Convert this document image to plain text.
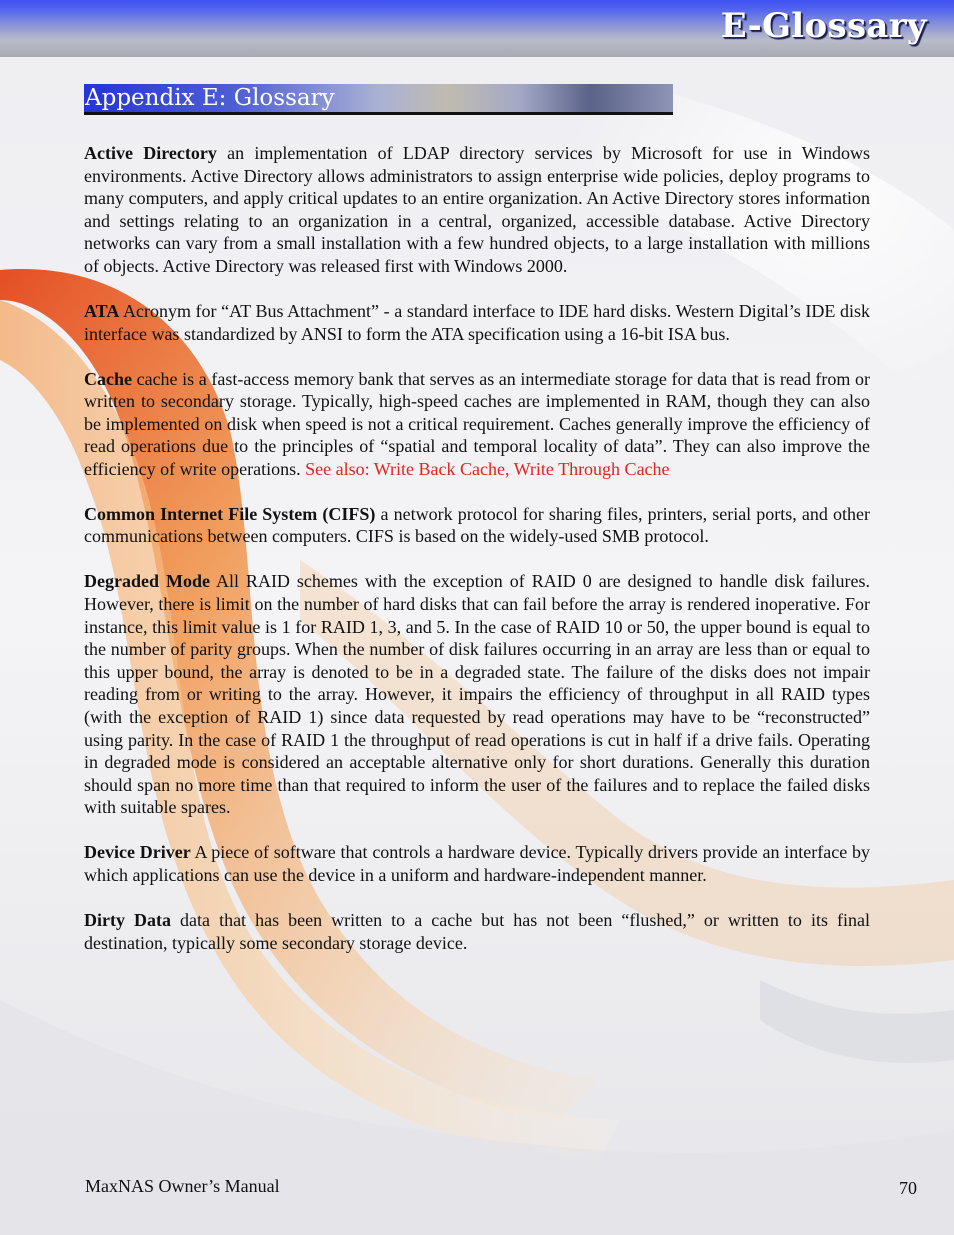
E-Glossary
Appendix E: Glossary

Active Directory an implementation of LDAP directory services by Microsoft for use in Windows environments. Active Directory allows administrators to assign enterprise wide policies, deploy programs to many computers, and apply critical updates to an entire organization. An Active Directory stores information and settings relating to an organization in a central, organized, accessible database. Active Directory networks can vary from a small installation with a few hundred objects, to a large installation with millions of objects. Active Directory was released first with Windows 2000.

ATA Acronym for “AT Bus Attachment” - a standard interface to IDE hard disks. Western Digital’s IDE disk interface was standardized by ANSI to form the ATA specification using a 16-bit ISA bus.

Cache cache is a fast-access memory bank that serves as an intermediate storage for data that is read from or written to secondary storage. Typically, high-speed caches are implemented in RAM, though they can also be implemented on disk when speed is not a critical requirement. Caches generally improve the efficiency of read operations due to the principles of “spatial and temporal locality of data”. They can also improve the efficiency of write operations. See also: Write Back Cache, Write Through Cache

Common Internet File System (CIFS) a network protocol for sharing files, printers, serial ports, and other communications between computers. CIFS is based on the widely-used SMB protocol.

Degraded Mode All RAID schemes with the exception of RAID 0 are designed to handle disk failures. However, there is limit on the number of hard disks that can fail before the array is rendered inoperative. For instance, this limit value is 1 for RAID 1, 3, and 5. In the case of RAID 10 or 50, the upper bound is equal to the number of parity groups. When the number of disk failures occurring in an array are less than or equal to this upper bound, the array is denoted to be in a degraded state. The failure of the disks does not impair reading from or writing to the array. However, it impairs the efficiency of throughput in all RAID types (with the exception of RAID 1) since data requested by read operations may have to be “reconstructed” using parity. In the case of RAID 1 the throughput of read operations is cut in half if a drive fails. Operating in degraded mode is considered an acceptable alternative only for short durations. Generally this duration should span no more time than that required to inform the user of the failures and to replace the failed disks with suitable spares.

Device Driver A piece of software that controls a hardware device. Typically drivers provide an interface by which applications can use the device in a uniform and hardware-independent manner.

Dirty Data data that has been written to a cache but has not been “flushed,” or written to its final destination, typically some secondary storage device.

MaxNAS Owner’s Manual	70
